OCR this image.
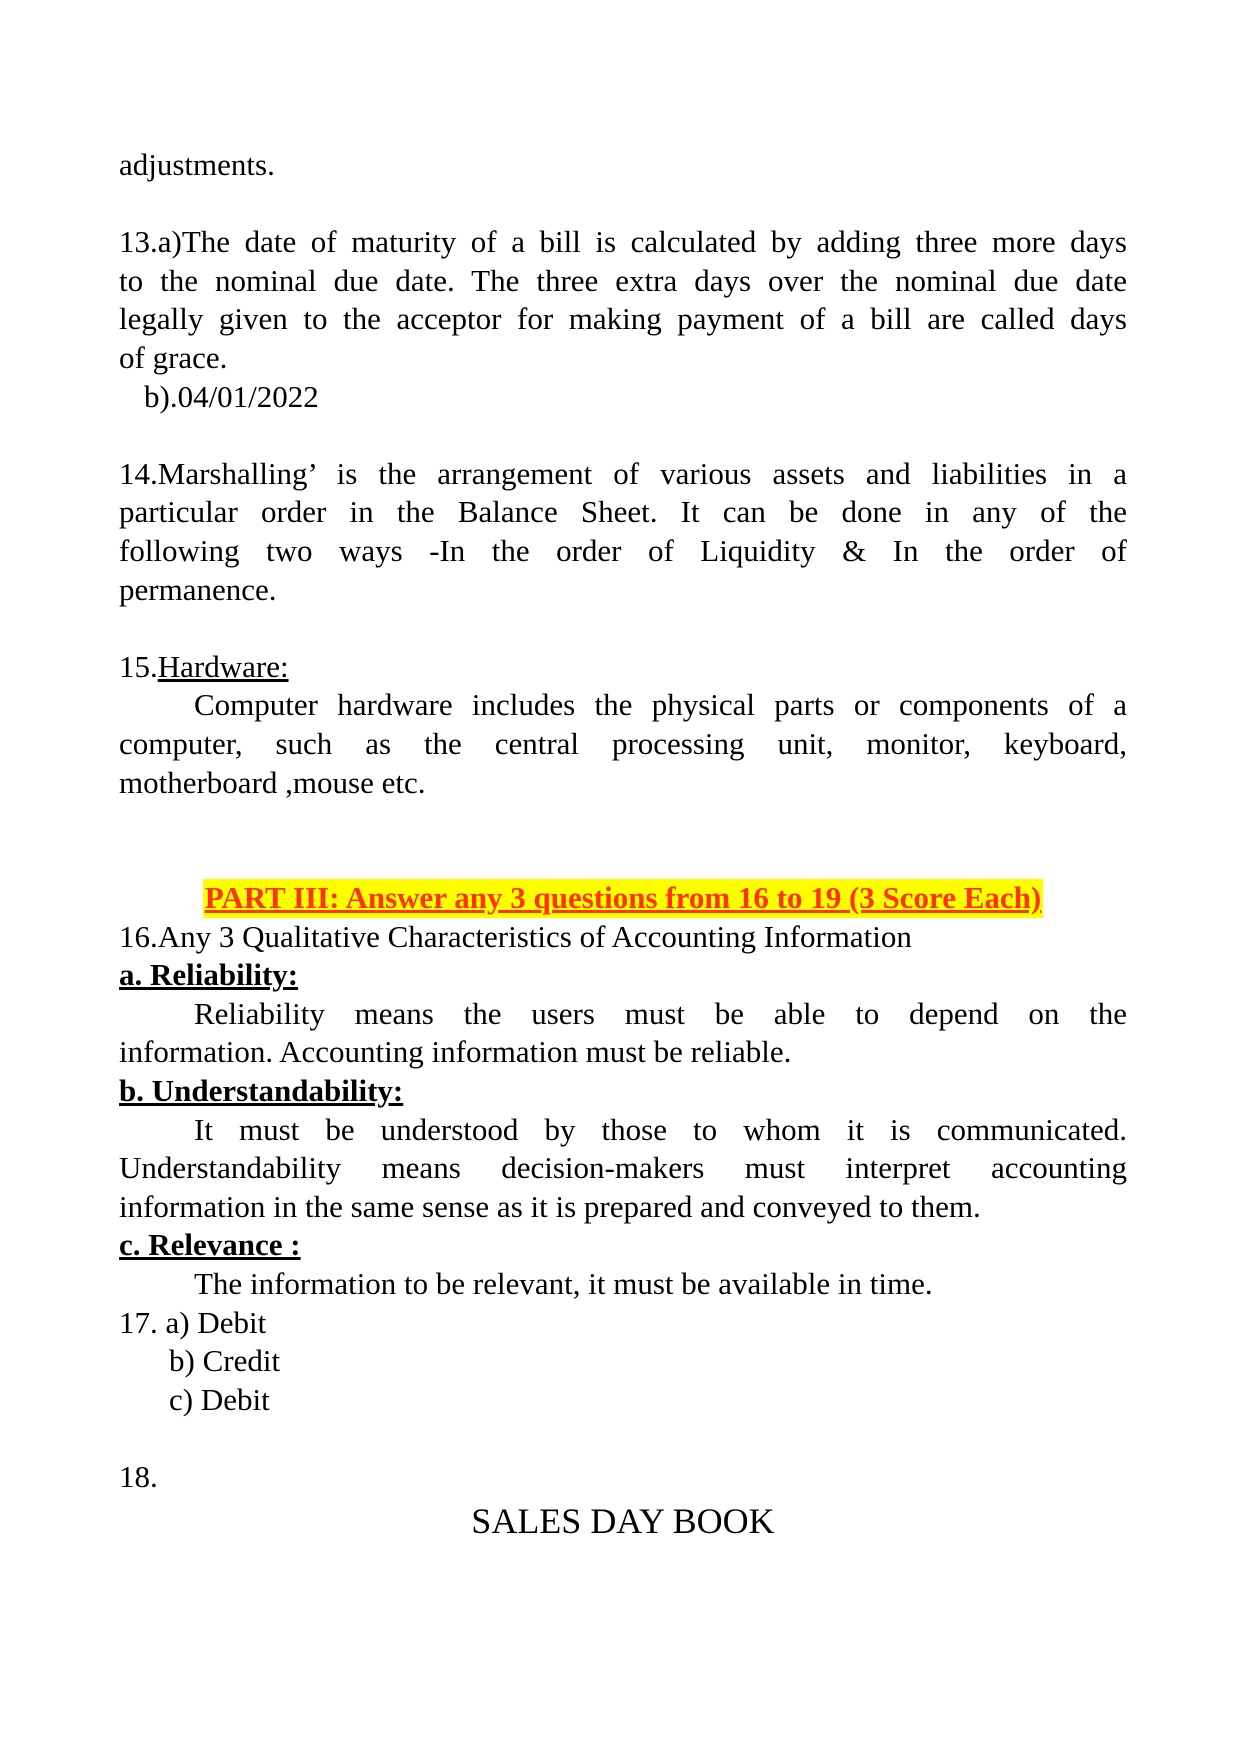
adjustments.

13.a)The date of maturity of a bill is calculated by adding three more days

to the nominal due date. The three extra days over the nominal due date

legally given to the acceptor for making payment of a bill are called days

of grace.

b).04/01/2022

14.Marshalling’ is the arrangement of various assets and liabilities in a

particular order in the Balance Sheet. It can be done in any of the

following two ways -In the order of Liquidity & In the order of

permanence.

15.Hardware:

Computer hardware includes the physical parts or components of a

computer, such as the central processing unit, monitor, keyboard,

motherboard ,mouse etc.

PART III: Answer any 3 questions from 16 to 19 (3 Score Each)

16.Any 3 Qualitative Characteristics of Accounting Information

a. Reliability:

Reliability means the users must be able to depend on the

information. Accounting information must be reliable.

b. Understandability:

It must be understood by those to whom it is communicated.

Understandability means decision-makers must interpret accounting

information in the same sense as it is prepared and conveyed to them.

c. Relevance :

The information to be relevant, it must be available in time.

17. a) Debit

b) Credit

c) Debit

18.

SALES DAY BOOK
